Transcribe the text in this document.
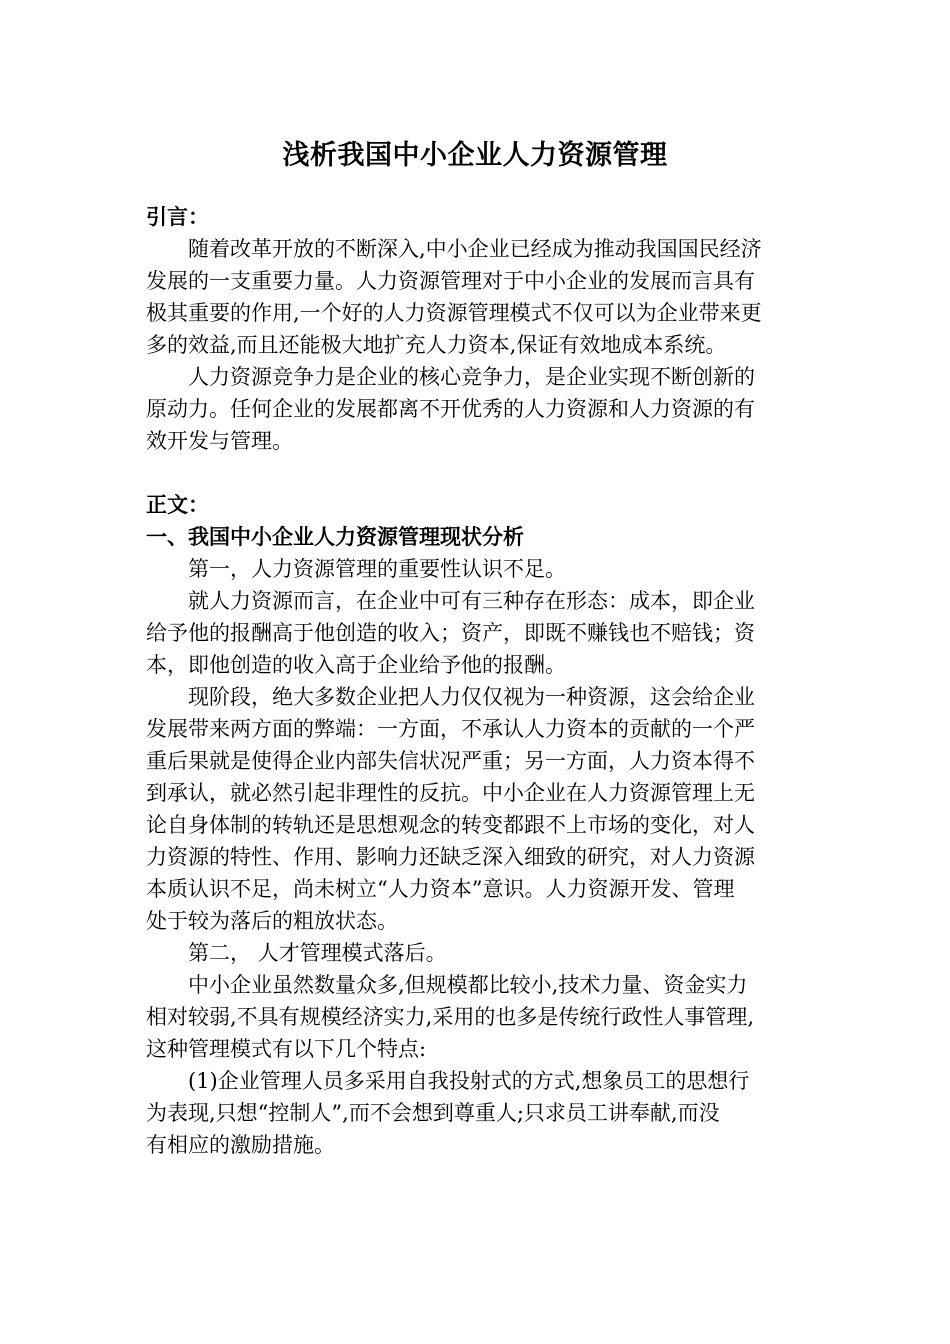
浅析我国中小企业人力资源管理
引言：
随着改革开放的不断深入,中小企业已经成为推动我国国民经济
发展的一支重要力量。人力资源管理对于中小企业的发展而言具有
极其重要的作用,一个好的人力资源管理模式不仅可以为企业带来更
多的效益,而且还能极大地扩充人力资本,保证有效地成本系统。
人力资源竞争力是企业的核心竞争力，是企业实现不断创新的
原动力。任何企业的发展都离不开优秀的人力资源和人力资源的有
效开发与管理。
正文：
一、我国中小企业人力资源管理现状分析
第一，人力资源管理的重要性认识不足。
就人力资源而言，在企业中可有三种存在形态：成本，即企业
给予他的报酬高于他创造的收入；资产，即既不赚钱也不赔钱；资
本，即他创造的收入高于企业给予他的报酬。
现阶段，绝大多数企业把人力仅仅视为一种资源，这会给企业
发展带来两方面的弊端：一方面，不承认人力资本的贡献的一个严
重后果就是使得企业内部失信状况严重；另一方面，人力资本得不
到承认，就必然引起非理性的反抗。中小企业在人力资源管理上无
论自身体制的转轨还是思想观念的转变都跟不上市场的变化，对人
力资源的特性、作用、影响力还缺乏深入细致的研究，对人力资源
本质认识不足，尚未树立“人力资本”意识。人力资源开发、管理
处于较为落后的粗放状态。
第二， 人才管理模式落后。
中小企业虽然数量众多,但规模都比较小,技术力量、资金实力
相对较弱,不具有规模经济实力,采用的也多是传统行政性人事管理,
这种管理模式有以下几个特点:
(1)企业管理人员多采用自我投射式的方式,想象员工的思想行
为表现,只想“控制人”,而不会想到尊重人;只求员工讲奉献,而没
有相应的激励措施。
